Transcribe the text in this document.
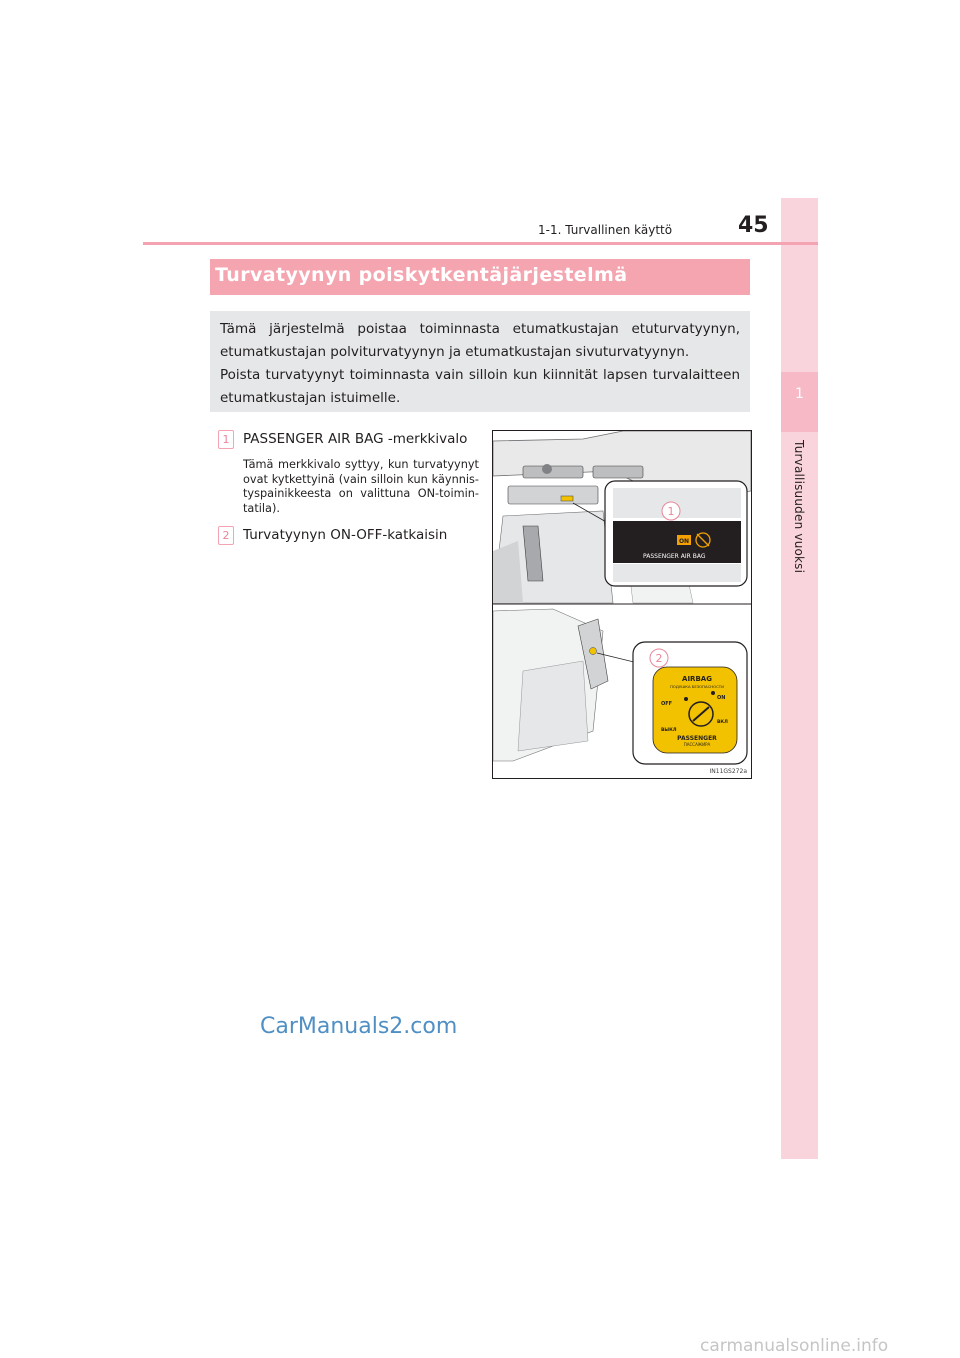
1
Turvallisuuden vuoksi
1-1. Turvallinen käyttö	45
Turvatyynyn poiskytkentäjärjestelmä

Tämä järjestelmä poistaa toiminnasta etumatkustajan etuturvatyynyn, etumatkustajan polviturvatyynyn ja etumatkustajan sivuturvatyynyn.

Poista turvatyynyt toiminnasta vain silloin kun kiinnität lapsen turvalaitteen etumatkustajan istuimelle.

1	PASSENGER AIR BAG -merkkivalo
Tämä merkkivalo syttyy, kun turvatyynyt ovat kytkettyinä (vain silloin kun käynnis-tyspainikkeesta on valittuna ON-toimin-tatila).
2	Turvatyynyn ON-OFF-katkaisin
1
2
ON
PASSENGER AIR BAG
AIRBAG
ПОДУШКА БЕЗОПАСНОСТИ
OFF
ВЫКЛ
ON
ВКЛ
PASSENGER
ПАССАЖИРА
IN11GS272a
CarManuals2.com
carmanualsonline.info
